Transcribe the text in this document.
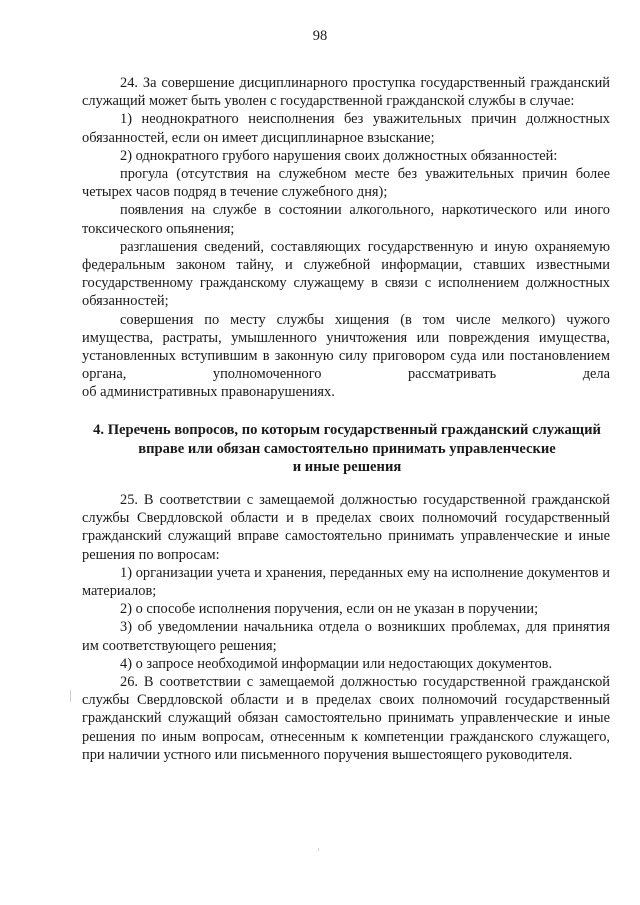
98

24. За совершение дисциплинарного проступка государственный гражданский служащий может быть уволен с государственной гражданской службы в случае:

1) неоднократного неисполнения без уважительных причин должностных обязанностей, если он имеет дисциплинарное взыскание;

2) однократного грубого нарушения своих должностных обязанностей:

прогула (отсутствия на служебном месте без уважительных причин более четырех часов подряд в течение служебного дня);

появления на службе в состоянии алкогольного, наркотического или иного токсического опьянения;

разглашения сведений, составляющих государственную и иную охраняемую федеральным законом тайну, и служебной информации, ставших известными государственному гражданскому служащему в связи с исполнением должностных обязанностей;

совершения по месту службы хищения (в том числе мелкого) чужого имущества, растраты, умышленного уничтожения или повреждения имущества, установленных вступившим в законную силу приговором суда или постановлением органа, уполномоченного рассматривать дела

об административных правонарушениях.

4. Перечень вопросов, по которым государственный гражданский служащий
вправе или обязан самостоятельно принимать управленческие
и иные решения

25. В соответствии с замещаемой должностью государственной гражданской службы Свердловской области и в пределах своих полномочий государственный гражданский служащий вправе самостоятельно принимать управленческие и иные решения по вопросам:

1) организации учета и хранения, переданных ему на исполнение документов и материалов;

2) о способе исполнения поручения, если он не указан в поручении;

3) об уведомлении начальника отдела о возникших проблемах, для принятия им соответствующего решения;

4) о запросе необходимой информации или недостающих документов.

26. В соответствии с замещаемой должностью государственной гражданской службы Свердловской области и в пределах своих полномочий государственный гражданский служащий обязан самостоятельно принимать управленческие и иные решения по иным вопросам, отнесенным к компетенции гражданского служащего, при наличии устного или письменного поручения вышестоящего руководителя.
